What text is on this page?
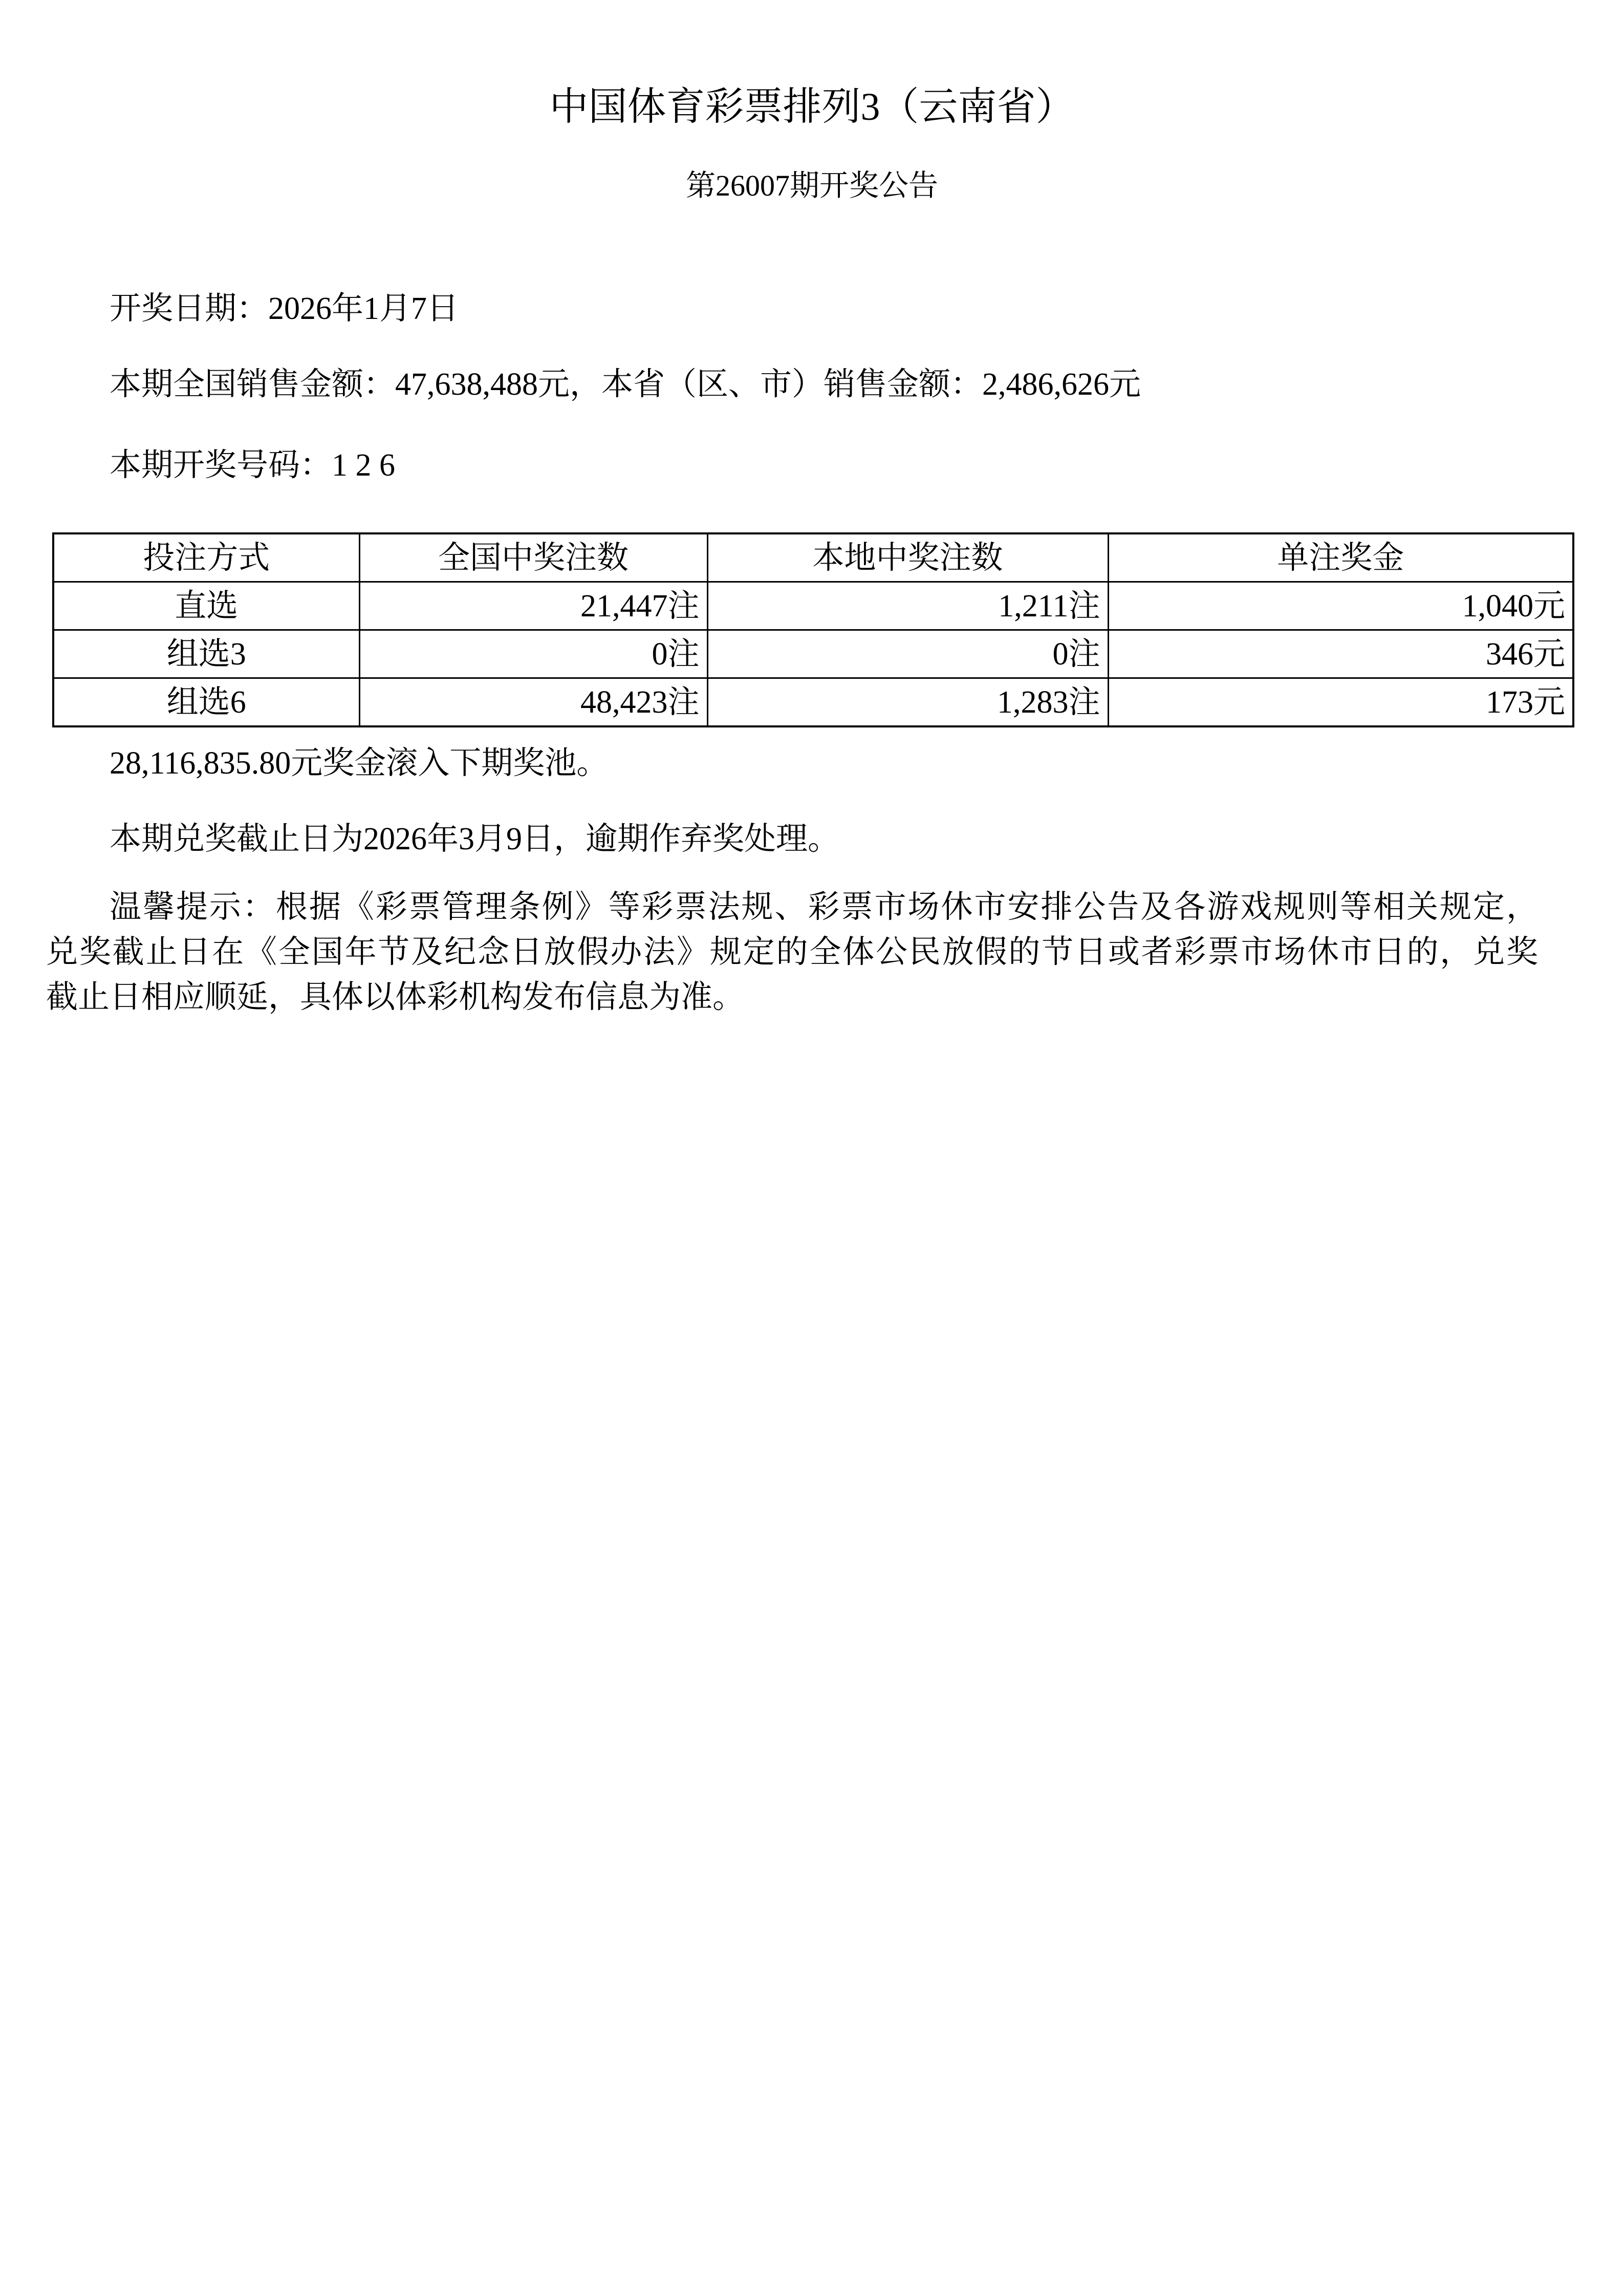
中国体育彩票排列3（云南省）
第26007期开奖公告

开奖日期：2026年1月7日

本期全国销售金额：47,638,488元，本省（区、市）销售金额：2,486,626元

本期开奖号码：1 2 6

投注方式	全国中奖注数	本地中奖注数	单注奖金
直选	21,447注	1,211注	1,040元
组选3	0注	0注	346元
组选6	48,423注	1,283注	173元

28,116,835.80元奖金滚入下期奖池。

本期兑奖截止日为2026年3月9日，逾期作弃奖处理。

温馨提示：根据《彩票管理条例》等彩票法规、彩票市场休市安排公告及各游戏规则等相关规定，
兑奖截止日在《全国年节及纪念日放假办法》规定的全体公民放假的节日或者彩票市场休市日的，兑奖
截止日相应顺延，具体以体彩机构发布信息为准。
